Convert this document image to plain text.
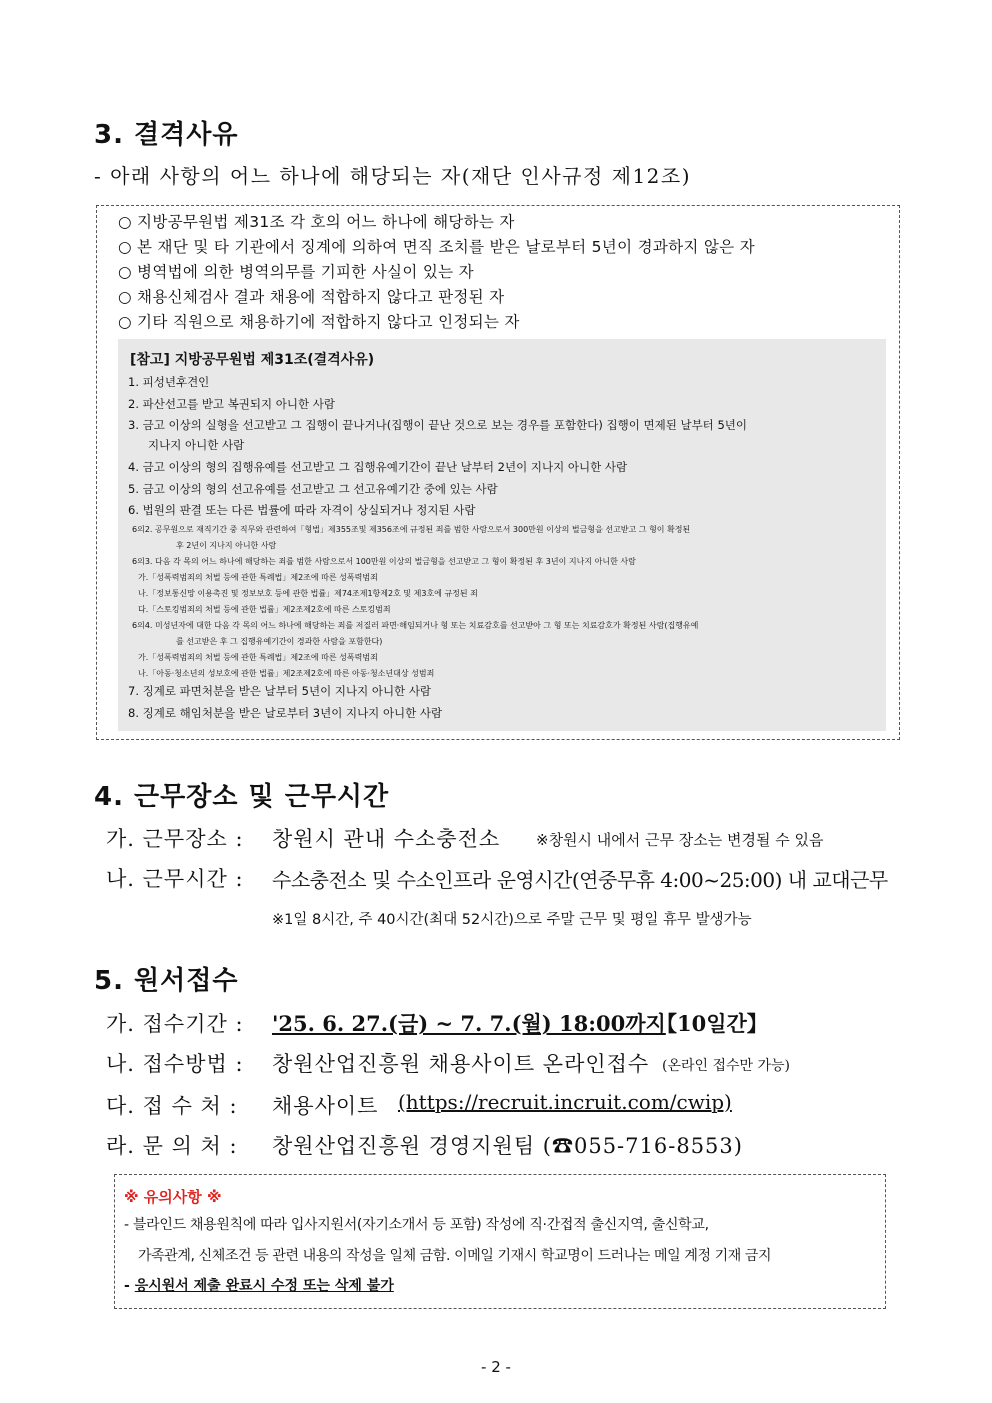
3. 결격사유
- 아래 사항의 어느 하나에 해당되는 자(재단 인사규정 제12조)
○ 지방공무원법 제31조 각 호의 어느 하나에 해당하는 자
○ 본 재단 및 타 기관에서 징계에 의하여 면직 조치를 받은 날로부터 5년이 경과하지 않은 자
○ 병역법에 의한 병역의무를 기피한 사실이 있는 자
○ 채용신체검사 결과 채용에 적합하지 않다고 판정된 자
○ 기타 직원으로 채용하기에 적합하지 않다고 인정되는 자
[참고] 지방공무원법 제31조(결격사유)
1. 피성년후견인
2. 파산선고를 받고 복권되지 아니한 사람
3. 금고 이상의 실형을 선고받고 그 집행이 끝나거나(집행이 끝난 것으로 보는 경우를 포함한다) 집행이 면제된 날부터 5년이
지나지 아니한 사람
4. 금고 이상의 형의 집행유예를 선고받고 그 집행유예기간이 끝난 날부터 2년이 지나지 아니한 사람
5. 금고 이상의 형의 선고유예를 선고받고 그 선고유예기간 중에 있는 사람
6. 법원의 판결 또는 다른 법률에 따라 자격이 상실되거나 정지된 사람
6의2. 공무원으로 재직기간 중 직무와 관련하여「형법」제355조및 제356조에 규정된 죄를 범한 사람으로서 300만원 이상의 벌금형을 선고받고 그 형이 확정된
후 2년이 지나지 아니한 사람
6의3. 다음 각 목의 어느 하나에 해당하는 죄를 범한 사람으로서 100만원 이상의 벌금형을 선고받고 그 형이 확정된 후 3년이 지나지 아니한 사람
가.「성폭력범죄의 처벌 등에 관한 특례법」제2조에 따른 성폭력범죄
나.「정보통신망 이용촉진 및 정보보호 등에 관한 법률」제74조제1항제2호 및 제3호에 규정된 죄
다.「스토킹범죄의 처벌 등에 관한 법률」제2조제2호에 따른 스토킹범죄
6의4. 미성년자에 대한 다음 각 목의 어느 하나에 해당하는 죄를 저질러 파면·해임되거나 형 또는 치료감호를 선고받아 그 형 또는 치료감호가 확정된 사람(집행유예
를 선고받은 후 그 집행유예기간이 경과한 사람을 포함한다)
가.「성폭력범죄의 처벌 등에 관한 특례법」제2조에 따른 성폭력범죄
나.「아동·청소년의 성보호에 관한 법률」제2조제2호에 따른 아동·청소년대상 성범죄
7. 징계로 파면처분을 받은 날부터 5년이 지나지 아니한 사람
8. 징계로 해임처분을 받은 날로부터 3년이 지나지 아니한 사람
4. 근무장소 및 근무시간
가. 근무장소 : 창원시 관내 수소충전소 ※창원시 내에서 근무 장소는 변경될 수 있음
나. 근무시간 : 수소충전소 및 수소인프라 운영시간(연중무휴 4:00~25:00) 내 교대근무
※1일 8시간, 주 40시간(최대 52시간)으로 주말 근무 및 평일 휴무 발생가능
5. 원서접수
가. 접수기간 : '25. 6. 27.(금) ~ 7. 7.(월) 18:00까지
【10일간】
나. 접수방법 : 창원산업진흥원 채용사이트 온라인접수 (온라인 접수만 가능)
다. 접 수 처 : 채용사이트 (https://recruit.incruit.com/cwip)
라. 문 의 처 : 창원산업진흥원 경영지원팀 (☎055-716-8553)
※ 유의사항 ※
- 블라인드 채용원칙에 따라 입사지원서(자기소개서 등 포함) 작성에 직·간접적 출신지역, 출신학교,
가족관계, 신체조건 등 관련 내용의 작성을 일체 금함. 이메일 기재시 학교명이 드러나는 메일 계정 기재 금지
- 응시원서 제출 완료시 수정 또는 삭제 불가
- 2 -
